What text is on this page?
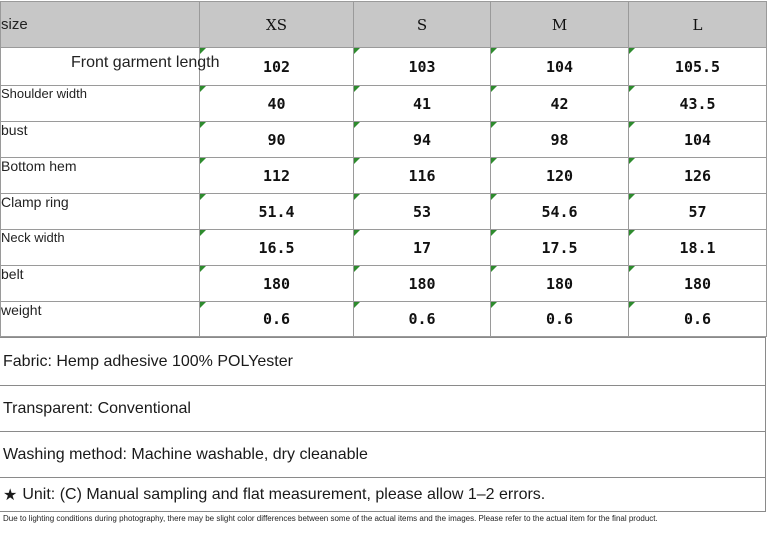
size	XS	S	M	L
Front garment length	102	103	104	105.5
Shoulder width	40	41	42	43.5
bust	90	94	98	104
Bottom hem	112	116	120	126
Clamp ring	51.4	53	54.6	57
Neck width	16.5	17	17.5	18.1
belt	180	180	180	180
weight	0.6	0.6	0.6	0.6
Fabric: Hemp adhesive 100% POLYester
Transparent: Conventional
Washing method: Machine washable, dry cleanable
★ Unit: (C) Manual sampling and flat measurement, please allow 1–2 errors.
Due to lighting conditions during photography, there may be slight color differences between some of the actual items and the images. Please refer to the actual item for the final product.
